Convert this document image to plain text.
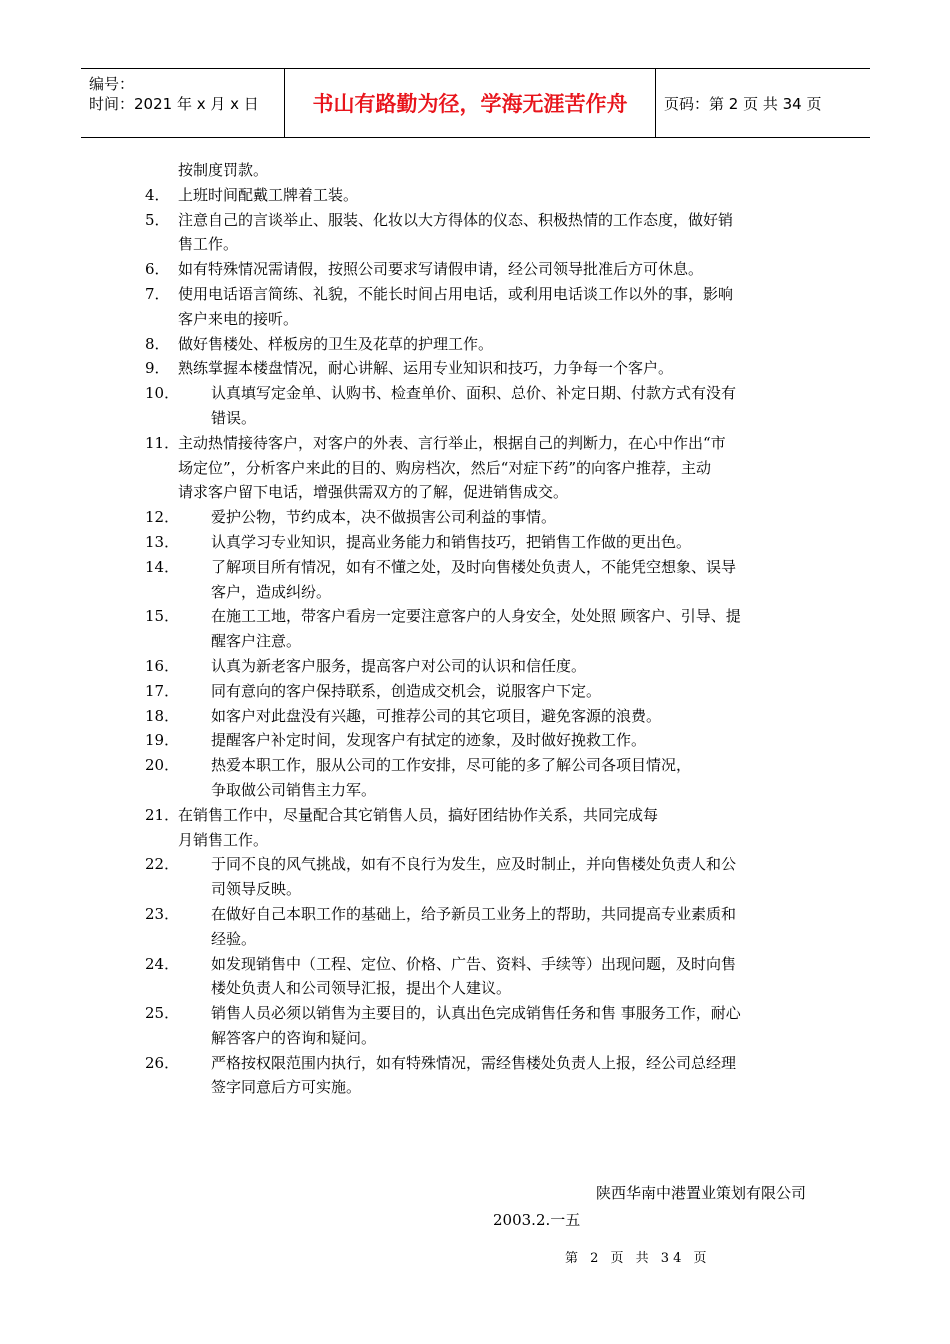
编号：
时间：2021 年 x 月 x 日	书山有路勤为径，学海无涯苦作舟	页码：第 2 页 共 34 页
按制度罚款。
4． 上班时间配戴工牌着工装。
5． 注意自己的言谈举止、服装、化妆以大方得体的仪态、积极热情的工作态度，做好销
售工作。
6． 如有特殊情况需请假，按照公司要求写请假申请，经公司领导批准后方可休息。
7． 使用电话语言简练、礼貌，不能长时间占用电话，或利用电话谈工作以外的事，影响
客户来电的接听。
8． 做好售楼处、样板房的卫生及花草的护理工作。
9． 熟练掌握本楼盘情况，耐心讲解、运用专业知识和技巧，力争每一个客户。
10．	认真填写定金单、认购书、检查单价、面积、总价、补定日期、付款方式有没有
错误。
11．
主动热情接待客户，对客户的外表、言行举止，根据自己的判断力，在心中作出“市
场定位”，分析客户来此的目的、购房档次，然后“对症下药”的向客户推荐，主动
请求客户留下电话，增强供需双方的了解，促进销售成交。
12．	爱护公物，节约成本，决不做损害公司利益的事情。
13．	认真学习专业知识，提高业务能力和销售技巧，把销售工作做的更出色。
14．	了解项目所有情况，如有不懂之处，及时向售楼处负责人，不能凭空想象、误导
客户，造成纠纷。
15．	在施工工地，带客户看房一定要注意客户的人身安全，处处照 顾客户、引导、提
醒客户注意。
16．	认真为新老客户服务，提高客户对公司的认识和信任度。
17．	同有意向的客户保持联系，创造成交机会，说服客户下定。
18．	如客户对此盘没有兴趣，可推荐公司的其它项目，避免客源的浪费。
19．	提醒客户补定时间，发现客户有拭定的迹象，及时做好挽救工作。
20．	热爱本职工作，服从公司的工作安排，尽可能的多了解公司各项目情况，
争取做公司销售主力军。
21．
在销售工作中，尽量配合其它销售人员，搞好团结协作关系，共同完成每
月销售工作。
22．	于同不良的风气挑战，如有不良行为发生，应及时制止，并向售楼处负责人和公
司领导反映。
23．	在做好自己本职工作的基础上，给予新员工业务上的帮助，共同提高专业素质和
经验。
24．	如发现销售中（工程、定位、价格、广告、资料、手续等）出现问题，及时向售
楼处负责人和公司领导汇报，提出个人建议。
25．	销售人员必须以销售为主要目的，认真出色完成销售任务和售 事服务工作，耐心
解答客户的咨询和疑问。
26．	严格按权限范围内执行，如有特殊情况，需经售楼处负责人上报，经公司总经理
签字同意后方可实施。
陕西华南中港置业策划有限公司
2003.2.一五
第 2 页 共 34 页
